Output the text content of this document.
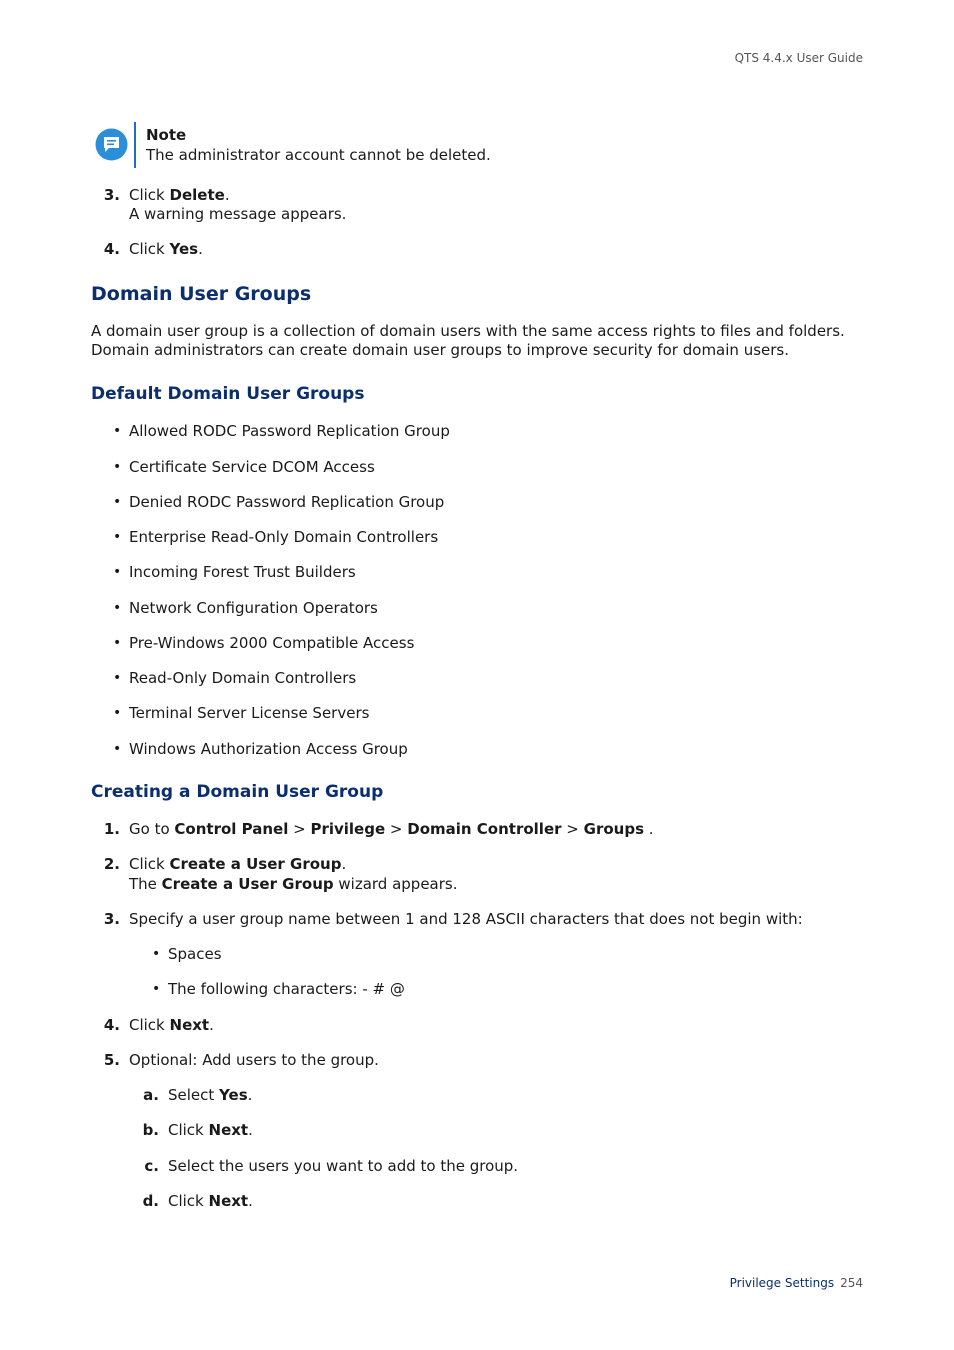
QTS 4.4.x User Guide
Note
The administrator account cannot be deleted.
3. Click Delete.
A warning message appears.
4. Click Yes.
Domain User Groups
A domain user group is a collection of domain users with the same access rights to files and folders. Domain administrators can create domain user groups to improve security for domain users.
Default Domain User Groups
• Allowed RODC Password Replication Group
• Certificate Service DCOM Access
• Denied RODC Password Replication Group
• Enterprise Read-Only Domain Controllers
• Incoming Forest Trust Builders
• Network Configuration Operators
• Pre-Windows 2000 Compatible Access
• Read-Only Domain Controllers
• Terminal Server License Servers
• Windows Authorization Access Group
Creating a Domain User Group
1. Go to Control Panel > Privilege > Domain Controller > Groups .
2. Click Create a User Group.
The Create a User Group wizard appears.
3. Specify a user group name between 1 and 128 ASCII characters that does not begin with:
• Spaces
• The following characters: - # @
4. Click Next.
5. Optional: Add users to the group.
a. Select Yes.
b. Click Next.
c. Select the users you want to add to the group.
d. Click Next.
Privilege Settings 254
